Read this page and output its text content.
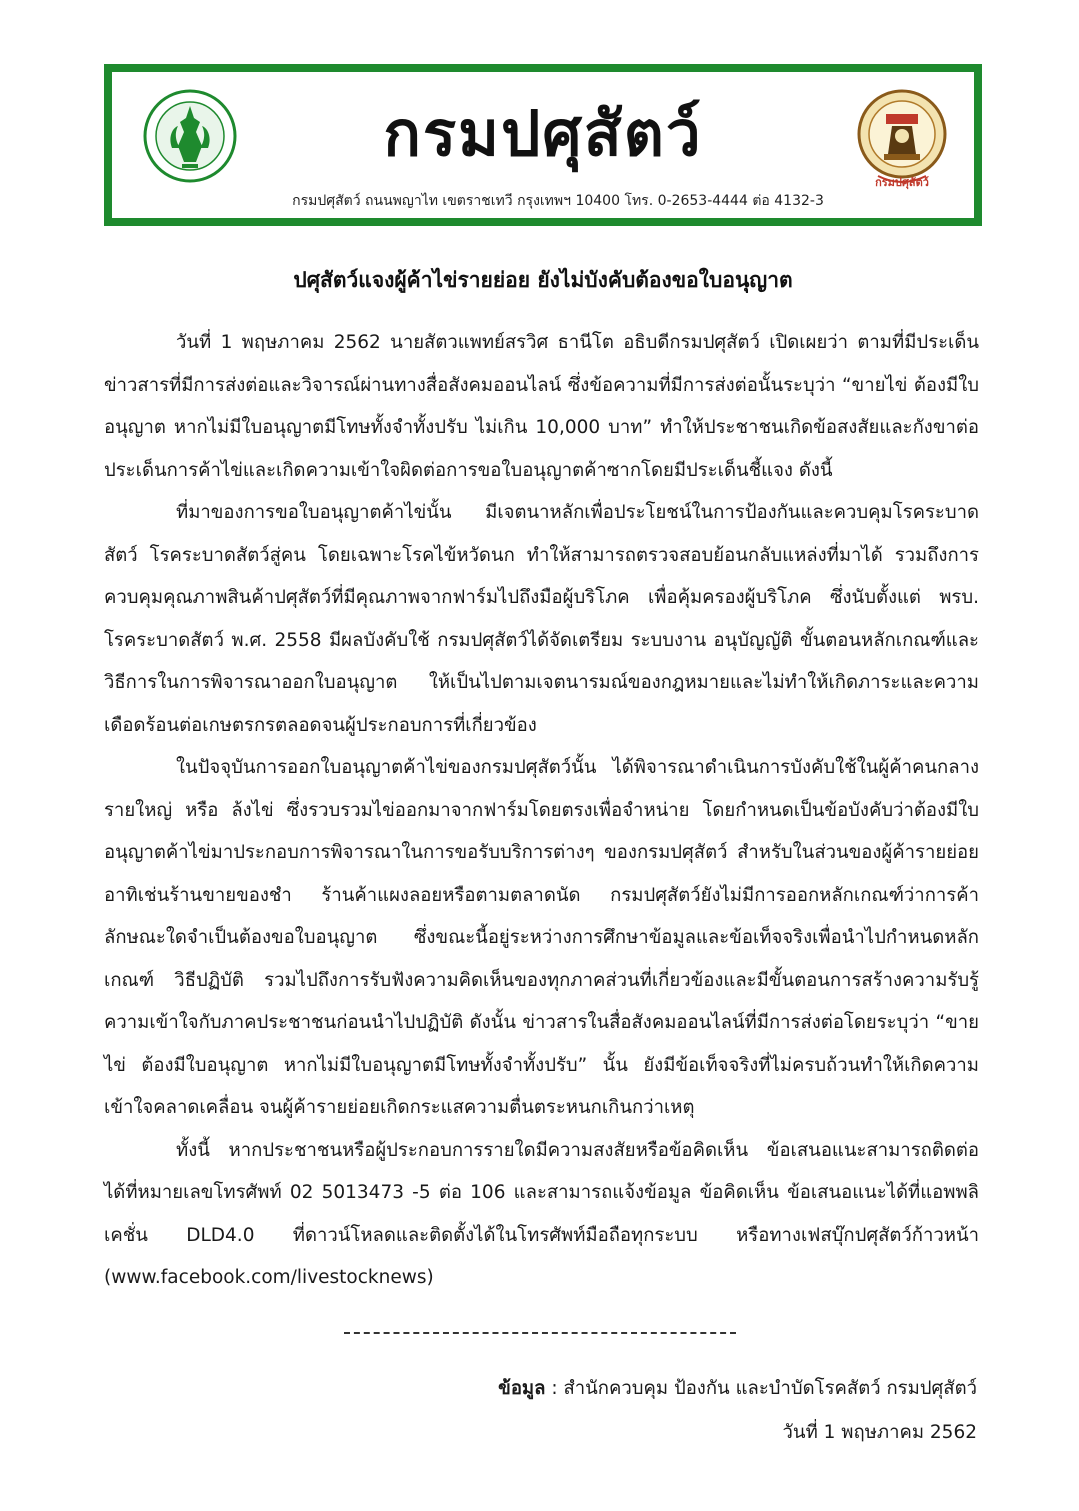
กรมปศุสัตว์
กรมปศุสัตว์ ถนนพญาไท เขตราชเทวี กรุงเทพฯ 10400 โทร. 0-2653-4444 ต่อ 4132-3
กรมปศุสัตว์
ปศุสัตว์แจงผู้ค้าไข่รายย่อย ยังไม่บังคับต้องขอใบอนุญาต

วันที่ 1 พฤษภาคม 2562 นายสัตวแพทย์สรวิศ ธานีโต อธิบดีกรมปศุสัตว์ เปิดเผยว่า ตามที่มีประเด็นข่าวสารที่มีการส่งต่อและวิจารณ์ผ่านทางสื่อสังคมออนไลน์ ซึ่งข้อความที่มีการส่งต่อนั้นระบุว่า “ขายไข่ ต้องมีใบอนุญาต หากไม่มีใบอนุญาตมีโทษทั้งจำทั้งปรับ ไม่เกิน 10,000 บาท” ทำให้ประชาชนเกิดข้อสงสัยและกังขาต่อประเด็นการค้าไข่และเกิดความเข้าใจผิดต่อการขอใบอนุญาตค้าซากโดยมีประเด็นชี้แจง ดังนี้

ที่มาของการขอใบอนุญาตค้าไข่นั้น มีเจตนาหลักเพื่อประโยชน์ในการป้องกันและควบคุมโรคระบาดสัตว์ โรคระบาดสัตว์สู่คน โดยเฉพาะโรคไข้หวัดนก ทำให้สามารถตรวจสอบย้อนกลับแหล่งที่มาได้ รวมถึงการควบคุมคุณภาพสินค้าปศุสัตว์ที่มีคุณภาพจากฟาร์มไปถึงมือผู้บริโภค เพื่อคุ้มครองผู้บริโภค ซึ่งนับตั้งแต่ พรบ. โรคระบาดสัตว์ พ.ศ. 2558 มีผลบังคับใช้ กรมปศุสัตว์ได้จัดเตรียม ระบบงาน อนุบัญญัติ ขั้นตอนหลักเกณฑ์และวิธีการในการพิจารณาออกใบอนุญาต ให้เป็นไปตามเจตนารมณ์ของกฎหมายและไม่ทำให้เกิดภาระและความเดือดร้อนต่อเกษตรกรตลอดจนผู้ประกอบการที่เกี่ยวข้อง

ในปัจจุบันการออกใบอนุญาตค้าไข่ของกรมปศุสัตว์นั้น ได้พิจารณาดำเนินการบังคับใช้ในผู้ค้าคนกลางรายใหญ่ หรือ ล้งไข่ ซึ่งรวบรวมไข่ออกมาจากฟาร์มโดยตรงเพื่อจำหน่าย โดยกำหนดเป็นข้อบังคับว่าต้องมีใบอนุญาตค้าไข่มาประกอบการพิจารณาในการขอรับบริการต่างๆ ของกรมปศุสัตว์ สำหรับในส่วนของผู้ค้ารายย่อย อาทิเช่นร้านขายของชำ ร้านค้าแผงลอยหรือตามตลาดนัด กรมปศุสัตว์ยังไม่มีการออกหลักเกณฑ์ว่าการค้าลักษณะใดจำเป็นต้องขอใบอนุญาต ซึ่งขณะนี้อยู่ระหว่างการศึกษาข้อมูลและข้อเท็จจริงเพื่อนำไปกำหนดหลักเกณฑ์ วิธีปฏิบัติ รวมไปถึงการรับฟังความคิดเห็นของทุกภาคส่วนที่เกี่ยวข้องและมีขั้นตอนการสร้างความรับรู้ความเข้าใจกับภาคประชาชนก่อนนำไปปฏิบัติ ดังนั้น ข่าวสารในสื่อสังคมออนไลน์ที่มีการส่งต่อโดยระบุว่า “ขายไข่ ต้องมีใบอนุญาต หากไม่มีใบอนุญาตมีโทษทั้งจำทั้งปรับ” นั้น ยังมีข้อเท็จจริงที่ไม่ครบถ้วนทำให้เกิดความเข้าใจคลาดเคลื่อน จนผู้ค้ารายย่อยเกิดกระแสความตื่นตระหนกเกินกว่าเหตุ

ทั้งนี้ หากประชาชนหรือผู้ประกอบการรายใดมีความสงสัยหรือข้อคิดเห็น ข้อเสนอแนะสามารถติดต่อได้ที่หมายเลขโทรศัพท์ 02 5013473 -5 ต่อ 106 และสามารถแจ้งข้อมูล ข้อคิดเห็น ข้อเสนอแนะได้ที่แอพพลิเคชั่น DLD4.0 ที่ดาวน์โหลดและติดตั้งได้ในโทรศัพท์มือถือทุกระบบ หรือทางเฟสบุ๊กปศุสัตว์ก้าวหน้า (www.facebook.com/livestocknews)

ข้อมูล : สำนักควบคุม ป้องกัน และบำบัดโรคสัตว์ กรมปศุสัตว์
วันที่ 1 พฤษภาคม 2562
